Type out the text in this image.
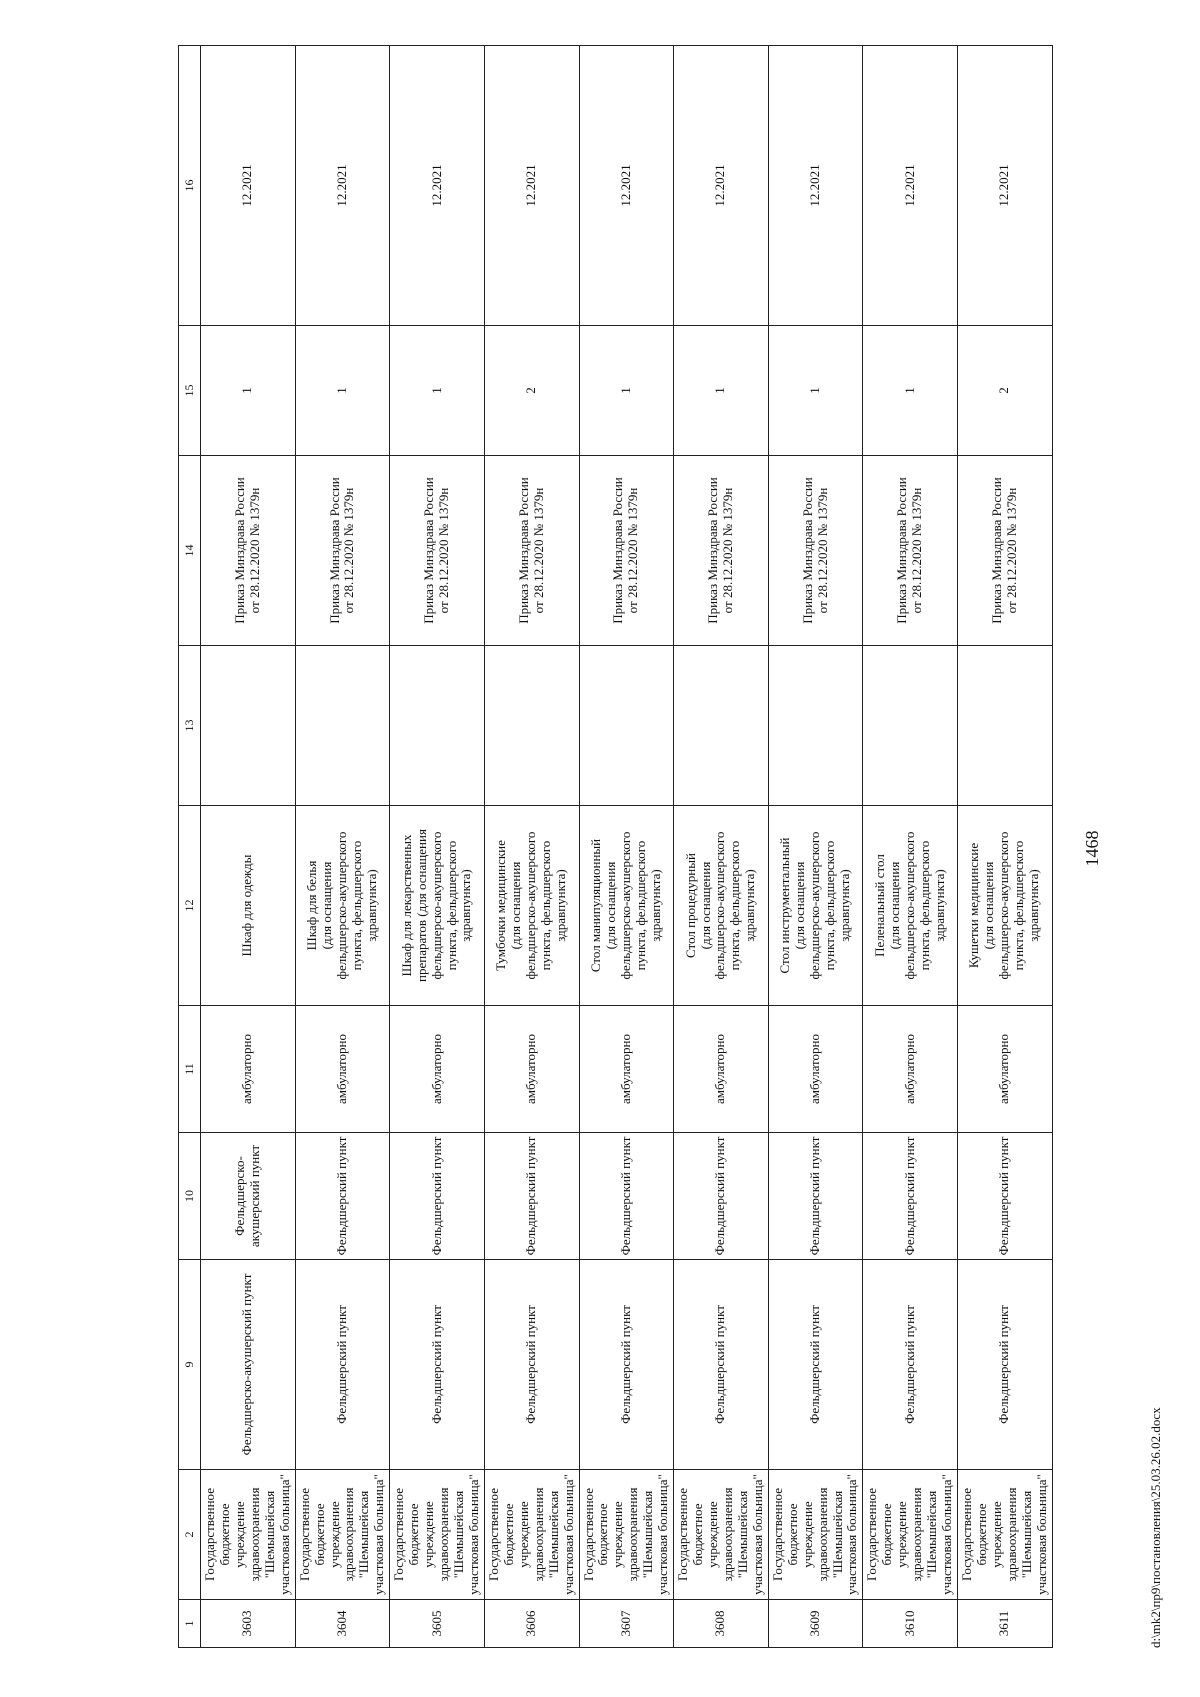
1468
1	2	9	10	11	12	13	14	15	16
3603	Государственное
бюджетное учреждение
здравоохранения
"Шемышейская
участковая больница"	Фельдшерско-акушерский пункт	Фельдшерско-
акушерский пункт	амбулаторно	Шкаф для одежды		Приказ Минздрава России
от 28.12.2020 № 1379н	1	12.2021
3604	Государственное
бюджетное учреждение
здравоохранения
"Шемышейская
участковая больница"	Фельдшерский пункт	Фельдшерский пункт	амбулаторно	Шкаф для белья
(для оснащения
фельдшерско-акушерского
пункта, фельдшерского
здравпункта)		Приказ Минздрава России
от 28.12.2020 № 1379н	1	12.2021
3605	Государственное
бюджетное учреждение
здравоохранения
"Шемышейская
участковая больница"	Фельдшерский пункт	Фельдшерский пункт	амбулаторно	Шкаф для лекарственных
препаратов (для оснащения
фельдшерско-акушерского
пункта, фельдшерского
здравпункта)		Приказ Минздрава России
от 28.12.2020 № 1379н	1	12.2021
3606	Государственное
бюджетное учреждение
здравоохранения
"Шемышейская
участковая больница"	Фельдшерский пункт	Фельдшерский пункт	амбулаторно	Тумбочки медицинские
(для оснащения
фельдшерско-акушерского
пункта, фельдшерского
здравпункта)		Приказ Минздрава России
от 28.12.2020 № 1379н	2	12.2021
3607	Государственное
бюджетное учреждение
здравоохранения
"Шемышейская
участковая больница"	Фельдшерский пункт	Фельдшерский пункт	амбулаторно	Стол манипуляционный
(для оснащения
фельдшерско-акушерского
пункта, фельдшерского
здравпункта)		Приказ Минздрава России
от 28.12.2020 № 1379н	1	12.2021
3608	Государственное
бюджетное учреждение
здравоохранения
"Шемышейская
участковая больница"	Фельдшерский пункт	Фельдшерский пункт	амбулаторно	Стол процедурный
(для оснащения
фельдшерско-акушерского
пункта, фельдшерского
здравпункта)		Приказ Минздрава России
от 28.12.2020 № 1379н	1	12.2021
3609	Государственное
бюджетное учреждение
здравоохранения
"Шемышейская
участковая больница"	Фельдшерский пункт	Фельдшерский пункт	амбулаторно	Стол инструментальный
(для оснащения
фельдшерско-акушерского
пункта, фельдшерского
здравпункта)		Приказ Минздрава России
от 28.12.2020 № 1379н	1	12.2021
3610	Государственное
бюджетное учреждение
здравоохранения
"Шемышейская
участковая больница"	Фельдшерский пункт	Фельдшерский пункт	амбулаторно	Пеленальный стол
(для оснащения
фельдшерско-акушерского
пункта, фельдшерского
здравпункта)		Приказ Минздрава России
от 28.12.2020 № 1379н	1	12.2021
3611	Государственное
бюджетное учреждение
здравоохранения
"Шемышейская
участковая больница"	Фельдшерский пункт	Фельдшерский пункт	амбулаторно	Кушетки медицинские
(для оснащения
фельдшерско-акушерского
пункта, фельдшерского
здравпункта)		Приказ Минздрава России
от 28.12.2020 № 1379н	2	12.2021
d:\mk2\пр9\постановления\25.03.26.02.docx
